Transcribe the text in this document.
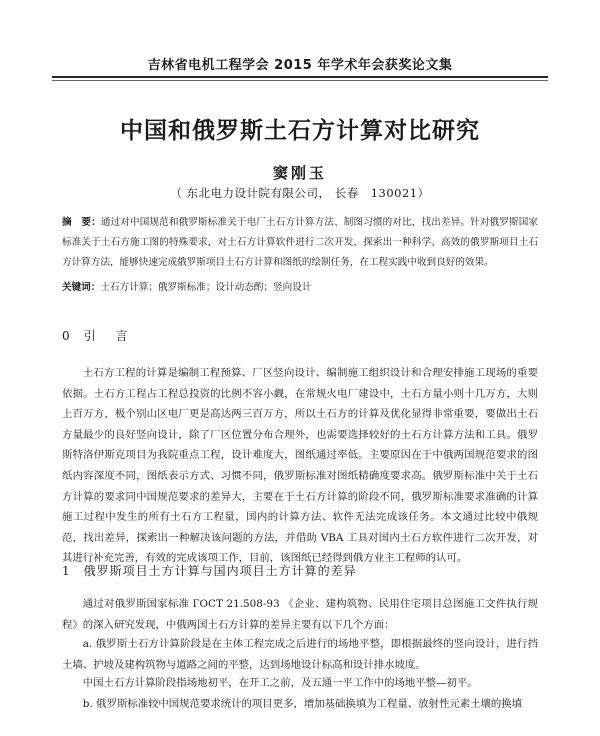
吉林省电机工程学会 2015 年学术年会获奖论文集
中国和俄罗斯土石方计算对比研究
窦刚玉
（ 东北电力设计院有限公司， 长春　130021）
摘　要：通过对中国规范和俄罗斯标准关于电厂土石方计算方法、制图习惯的对比，找出差异。针对俄罗斯国家标准关于土石方施工图的特殊要求，对土石方计算软件进行二次开发，探索出一种科学、高效的俄罗斯项目土石方计算方法，能够快速完成俄罗斯项目土石方计算和图纸的绘制任务，在工程实践中收到良好的效果。
关键词：土石方计算；俄罗斯标准；设计动态酌；竖向设计
0 引　言

土石方工程的计算是编制工程预算、厂区竖向设计、编制施工组织设计和合理安排施工现场的重要依据。土石方工程占工程总投资的比例不容小觑，在常规火电厂建设中，土石方量小则十几万方，大则上百万方，极个别山区电厂更是高达两三百万方，所以土石方的计算及优化显得非常重要，要做出土石方量最少的良好竖向设计，除了厂区位置分布合理外，也需要选择较好的土石方计算方法和工具。俄罗斯特洛伊斯克项目为我院重点工程，设计难度大，图纸通过率低。主要原因在于中俄两国规范要求的图纸内容深度不同，图纸表示方式、习惯不同，俄罗斯标准对图纸精确度要求高。俄罗斯标准中关于土石方计算的要求同中国规范要求的差异大，主要在于土石方计算的阶段不同，俄罗斯标准要求准确的计算施工过程中发生的所有土石方工程量，国内的计算方法、软件无法完成该任务。本文通过比较中俄规范，找出差异，探索出一种解决该问题的方法，并借助 VBA 工具对国内土石方软件进行二次开发，对其进行补充完善，有效的完成该项工作，目前，该图纸已经得到俄方业主工程师的认可。

1 俄罗斯项目土方计算与国内项目土方计算的差异

通过对俄罗斯国家标准 ГОСТ 21.508-93 《企业、建构筑物、民用住宅项目总图施工文件执行规程》的深入研究发现，中俄两国土石方计算的差异主要有以下几个方面：

a. 俄罗斯土石方计算阶段是在主体工程完成之后进行的场地平整，即根据最终的竖向设计，进行挡土墙、护坡及建构筑物与道路之间的平整，达到场地设计标高和设计排水坡度。

中国土石方计算阶段指场地初平，在开工之前，及五通一平工作中的场地平整—初平。

b. 俄罗斯标准较中国规范要求统计的项目更多，增加基础换填为工程量、放射性元素土壤的换填
